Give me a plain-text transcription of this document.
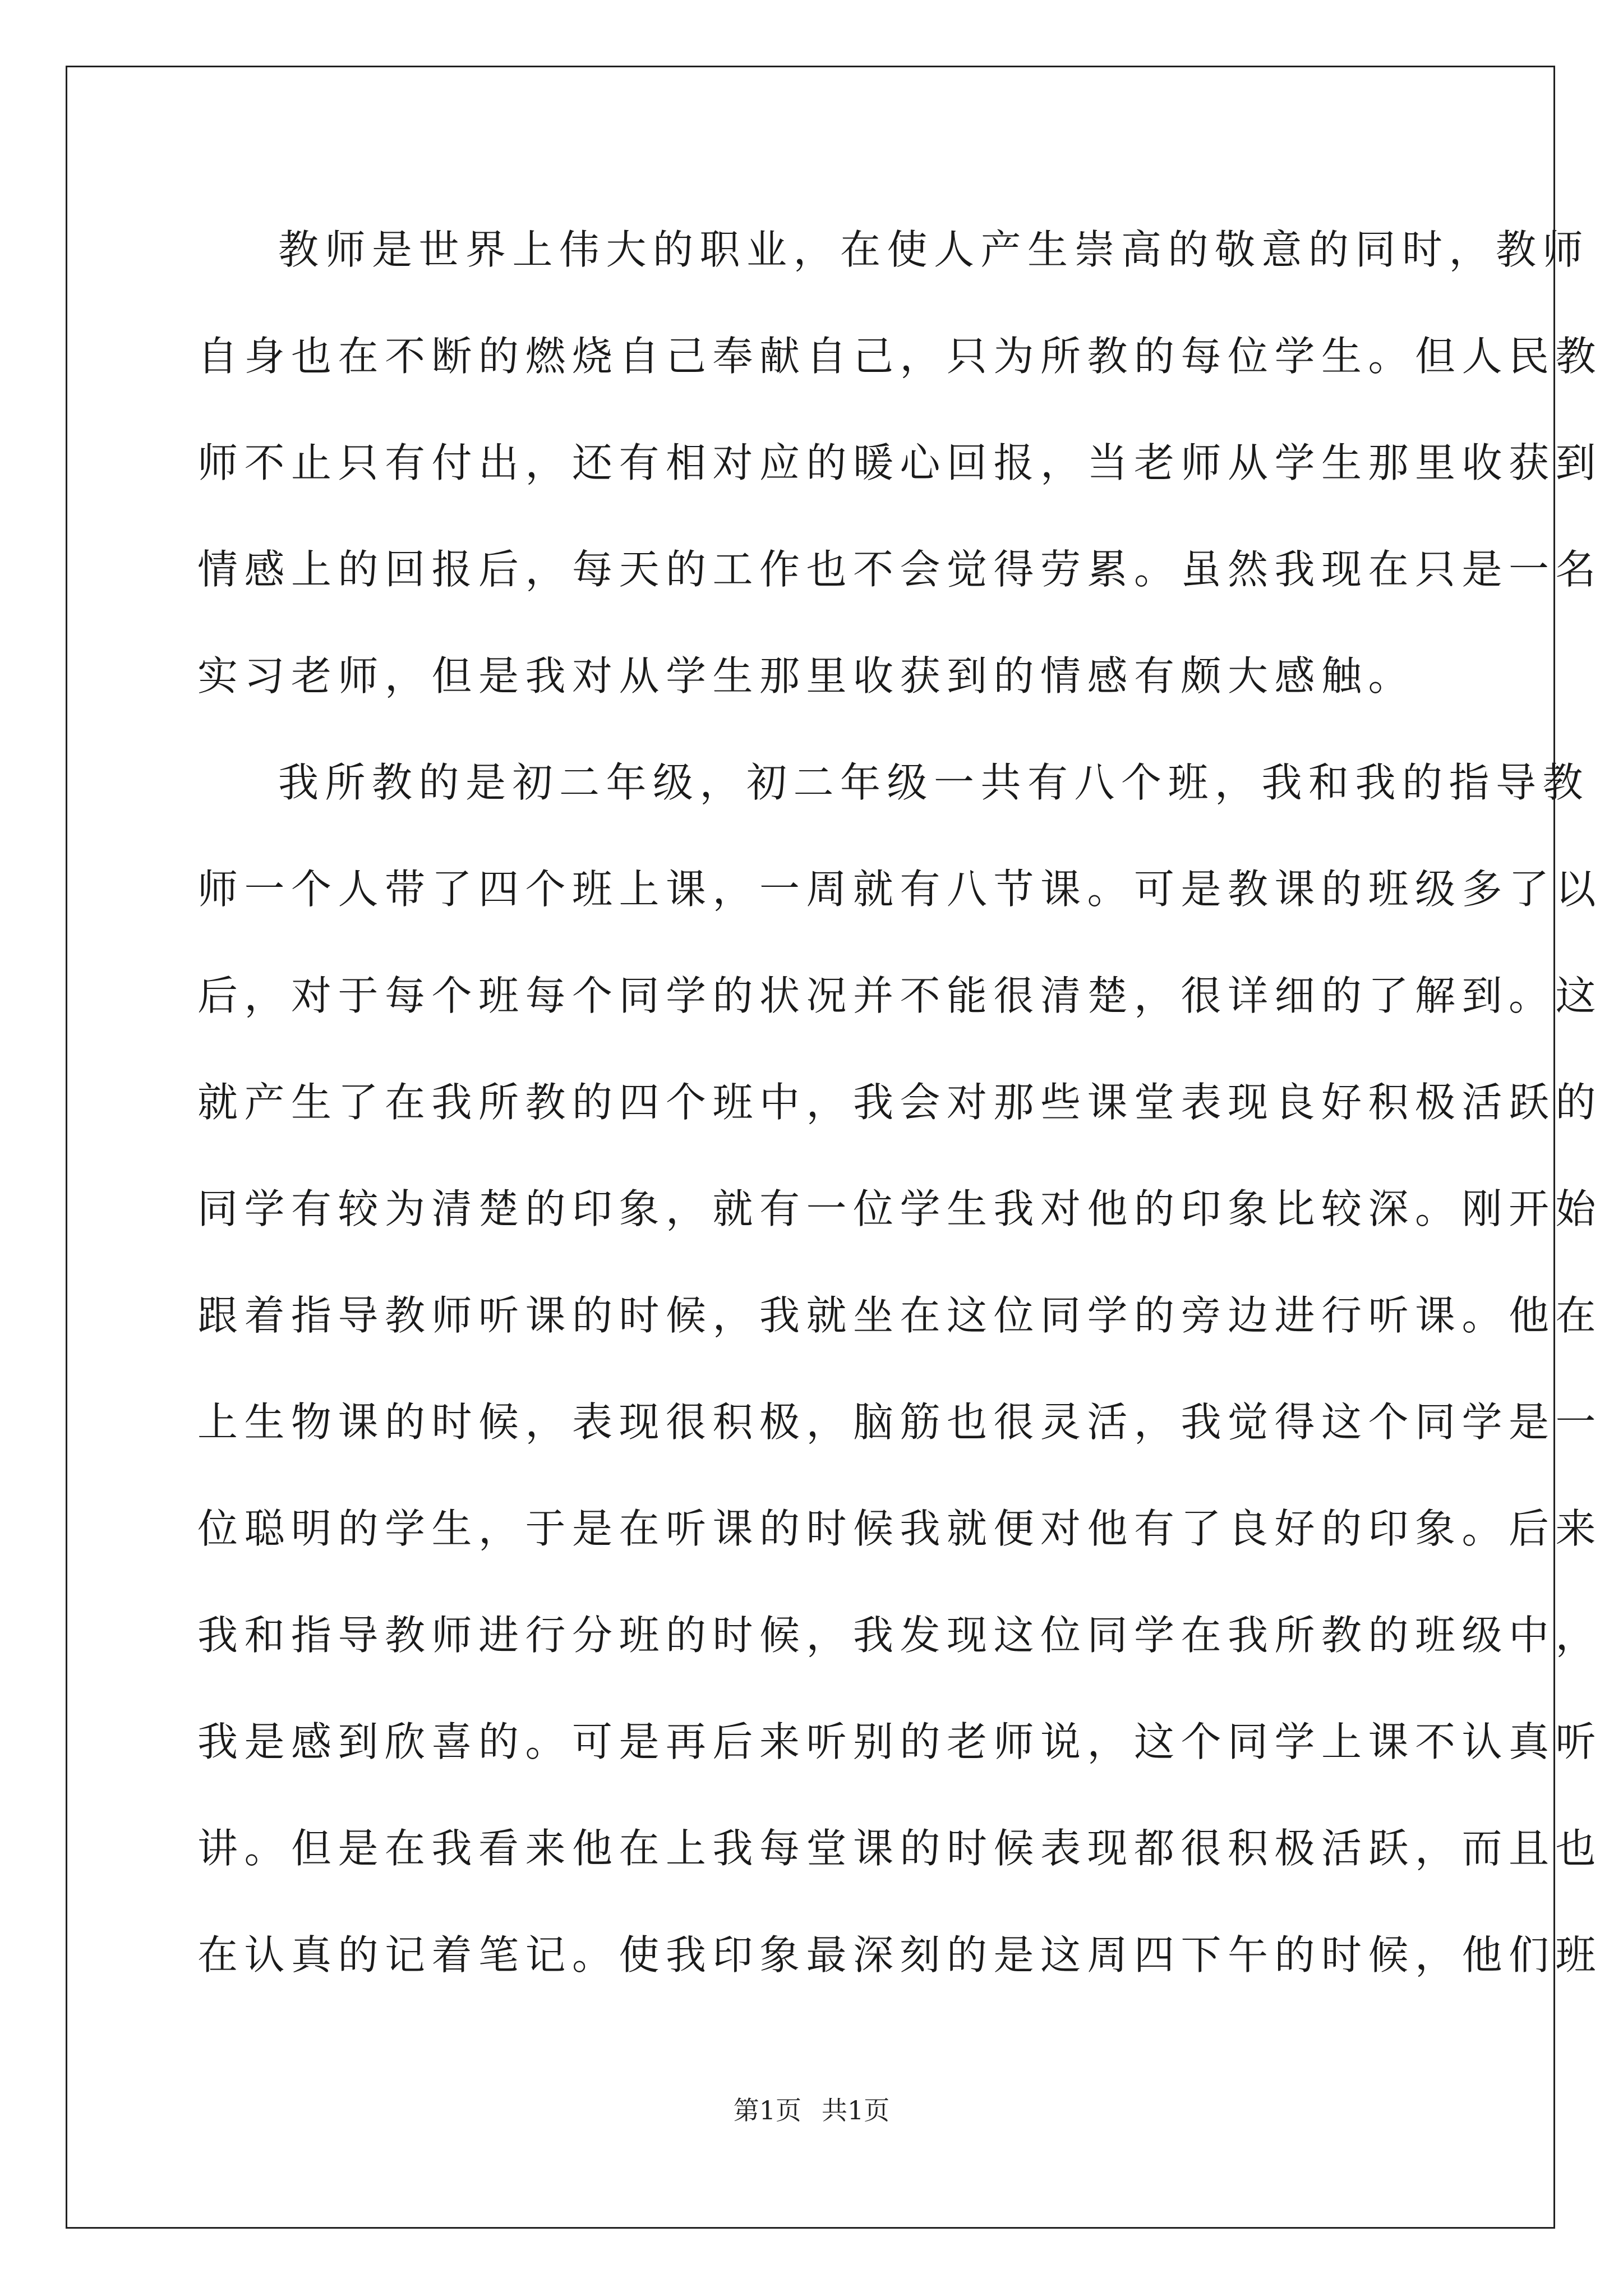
教师是世界上伟大的职业，在使人产生崇高的敬意的同时，教师
自身也在不断的燃烧自己奉献自己，只为所教的每位学生。但人民教
师不止只有付出，还有相对应的暖心回报，当老师从学生那里收获到
情感上的回报后，每天的工作也不会觉得劳累。虽然我现在只是一名
实习老师，但是我对从学生那里收获到的情感有颇大感触。
我所教的是初二年级，初二年级一共有八个班，我和我的指导教
师一个人带了四个班上课，一周就有八节课。可是教课的班级多了以
后，对于每个班每个同学的状况并不能很清楚，很详细的了解到。这
就产生了在我所教的四个班中，我会对那些课堂表现良好积极活跃的
同学有较为清楚的印象，就有一位学生我对他的印象比较深。刚开始
跟着指导教师听课的时候，我就坐在这位同学的旁边进行听课。他在
上生物课的时候，表现很积极，脑筋也很灵活，我觉得这个同学是一
位聪明的学生，于是在听课的时候我就便对他有了良好的印象。后来
我和指导教师进行分班的时候，我发现这位同学在我所教的班级中，
我是感到欣喜的。可是再后来听别的老师说，这个同学上课不认真听
讲。但是在我看来他在上我每堂课的时候表现都很积极活跃，而且也
在认真的记着笔记。使我印象最深刻的是这周四下午的时候，他们班
第1页 共1页
